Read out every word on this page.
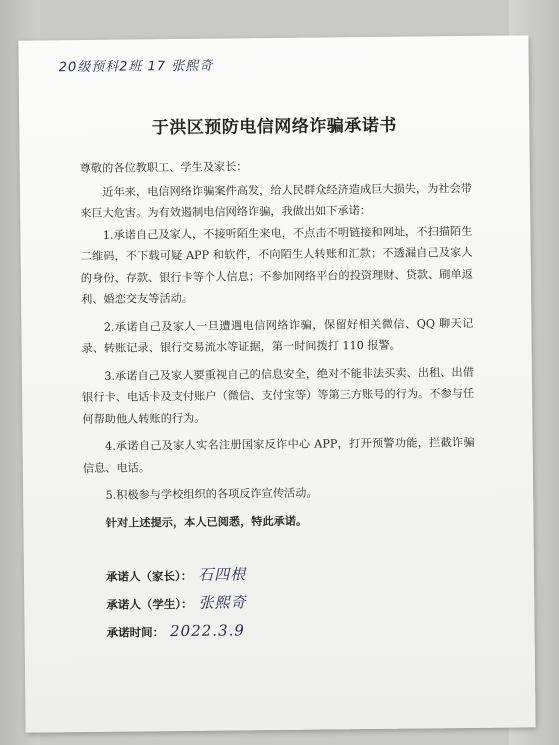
20级预科2班 17 张熙奇
于洪区预防电信网络诈骗承诺书

尊敬的各位教职工、学生及家长：

近年来，电信网络诈骗案件高发，给人民群众经济造成巨大损失，为社会带来巨大危害。为有效遏制电信网络诈骗，我做出如下承诺：

1.承诺自己及家人，不接听陌生来电，不点击不明链接和网址，不扫描陌生二维码，不下载可疑 APP 和软件，不向陌生人转账和汇款；不透漏自己及家人的身份、存款、银行卡等个人信息；不参加网络平台的投资理财、贷款、刷单返利、婚恋交友等活动。

2.承诺自己及家人一旦遭遇电信网络诈骗，保留好相关微信、QQ 聊天记录、转账记录、银行交易流水等证据，第一时间拨打 110 报警。

3.承诺自己及家人要重视自己的信息安全，绝对不能非法买卖、出租、出借银行卡、电话卡及支付账户（微信、支付宝等）等第三方账号的行为。不参与任何帮助他人转账的行为。

4.承诺自己及家人实名注册国家反诈中心 APP，打开预警功能，拦截诈骗信息、电话。

5.积极参与学校组织的各项反诈宣传活动。

针对上述提示，本人已阅悉，特此承诺。

承诺人（家长）： 石四根
承诺人（学生）： 张熙奇
承诺时间： 2022.3.9
